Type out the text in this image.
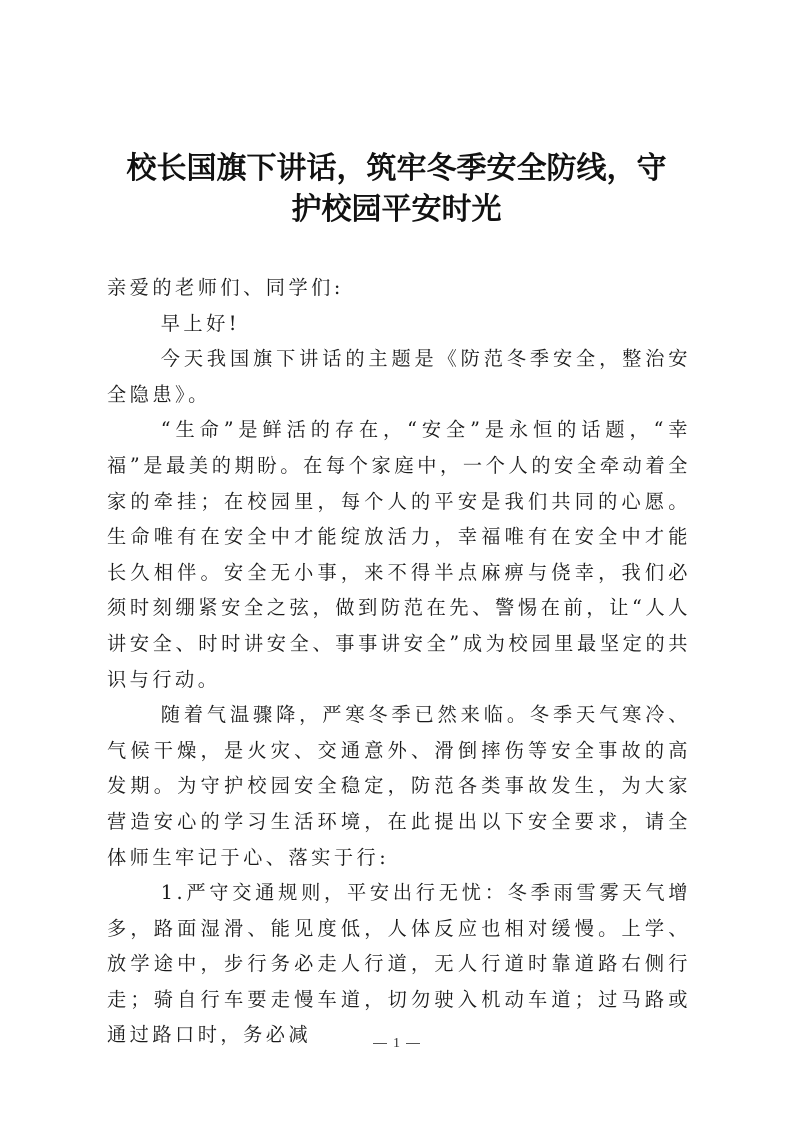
校长国旗下讲话，筑牢冬季安全防线，守
护校园平安时光

亲爱的老师们、同学们:

早上好!

今天我国旗下讲话的主题是《防范冬季安全，整治安全隐患》。

“生命”是鲜活的存在，“安全”是永恒的话题，“幸福”是最美的期盼。在每个家庭中，一个人的安全牵动着全家的牵挂；在校园里，每个人的平安是我们共同的心愿。生命唯有在安全中才能绽放活力，幸福唯有在安全中才能长久相伴。安全无小事，来不得半点麻痹与侥幸，我们必须时刻绷紧安全之弦，做到防范在先、警惕在前，让“人人讲安全、时时讲安全、事事讲安全”成为校园里最坚定的共识与行动。

随着气温骤降，严寒冬季已然来临。冬季天气寒冷、气候干燥，是火灾、交通意外、滑倒摔伤等安全事故的高发期。为守护校园安全稳定，防范各类事故发生，为大家营造安心的学习生活环境，在此提出以下安全要求，请全体师生牢记于心、落实于行:

1.严守交通规则，平安出行无忧：冬季雨雪雾天气增多，路面湿滑、能见度低，人体反应也相对缓慢。上学、放学途中，步行务必走人行道，无人行道时靠道路右侧行走；骑自行车要走慢车道，切勿驶入机动车道；过马路或通过路口时，务必减	1
